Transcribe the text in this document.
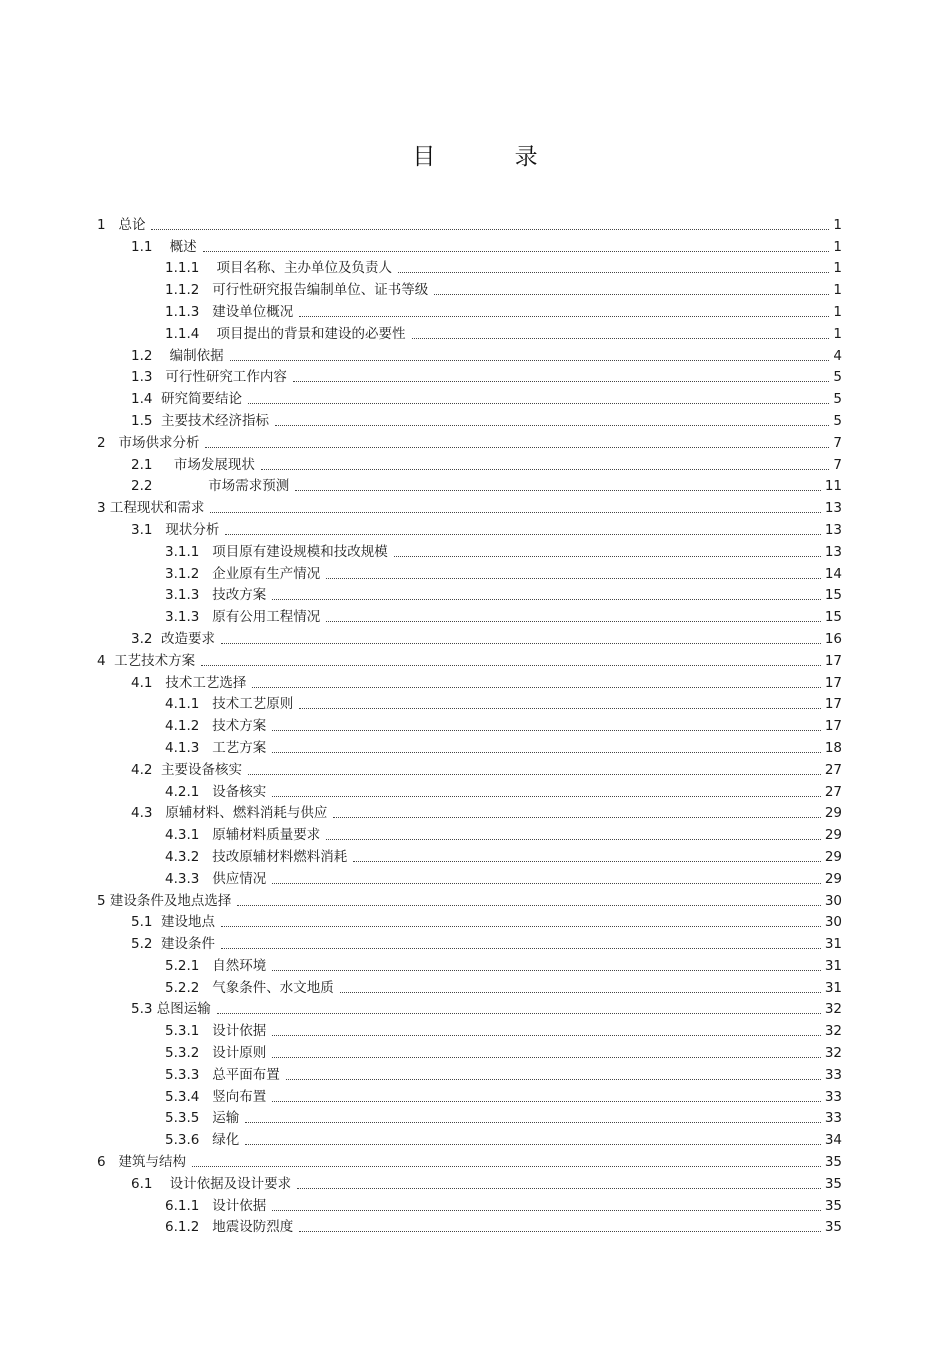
目 录
1   总论	1
1.1    概述	1
1.1.1    项目名称、主办单位及负责人	1
1.1.2   可行性研究报告编制单位、证书等级	1
1.1.3   建设单位概况	1
1.1.4    项目提出的背景和建设的必要性	1
1.2    编制依据	4
1.3   可行性研究工作内容	5
1.4  研究简要结论	5
1.5  主要技术经济指标	5
2   市场供求分析	7
2.1     市场发展现状	7
2.2             市场需求预测	11
3 工程现状和需求	13
3.1   现状分析	13
3.1.1   项目原有建设规模和技改规模	13
3.1.2   企业原有生产情况	14
3.1.3   技改方案	15
3.1.3   原有公用工程情况	15
3.2  改造要求	16
4  工艺技术方案	17
4.1   技术工艺选择	17
4.1.1   技术工艺原则	17
4.1.2   技术方案	17
4.1.3   工艺方案	18
4.2  主要设备核实	27
4.2.1   设备核实	27
4.3   原辅材料、燃料消耗与供应	29
4.3.1   原辅材料质量要求	29
4.3.2   技改原辅材料燃料消耗	29
4.3.3   供应情况	29
5 建设条件及地点选择	30
5.1  建设地点	30
5.2  建设条件	31
5.2.1   自然环境	31
5.2.2   气象条件、水文地质	31
5.3 总图运输	32
5.3.1   设计依据	32
5.3.2   设计原则	32
5.3.3   总平面布置	33
5.3.4   竖向布置	33
5.3.5   运输	33
5.3.6   绿化	34
6   建筑与结构	35
6.1    设计依据及设计要求	35
6.1.1   设计依据	35
6.1.2   地震设防烈度	35
